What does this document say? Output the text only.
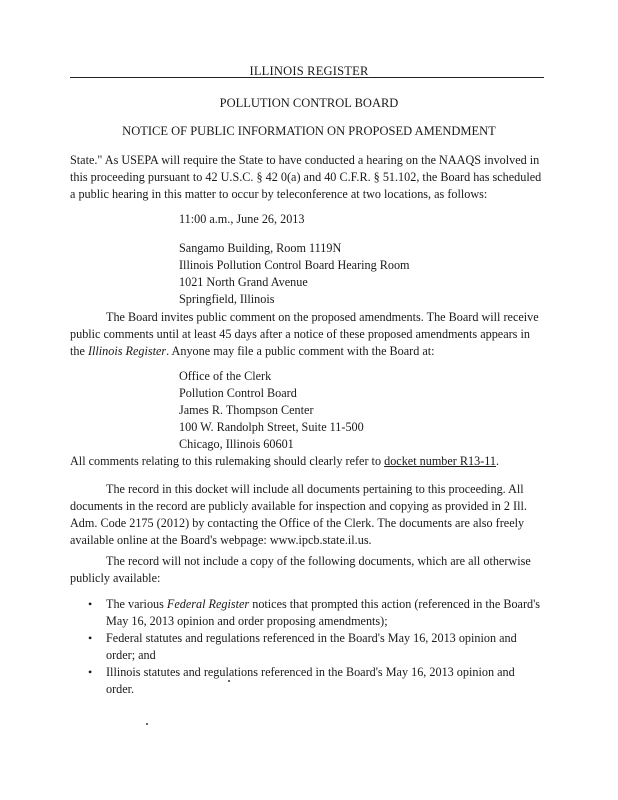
ILLINOIS REGISTER
POLLUTION CONTROL BOARD
NOTICE OF PUBLIC INFORMATION ON PROPOSED AMENDMENT
State." As USEPA will require the State to have conducted a hearing on the NAAQS involved in
this proceeding pursuant to 42 U.S.C. § 42 0(a) and 40 C.F.R. § 51.102, the Board has scheduled
a public hearing in this matter to occur by teleconference at two locations, as follows:
11:00 a.m., June 26, 2013
Sangamo Building, Room 1119N
Illinois Pollution Control Board Hearing Room
1021 North Grand Avenue
Springfield, Illinois
The Board invites public comment on the proposed amendments. The Board will receive
public comments until at least 45 days after a notice of these proposed amendments appears in
the Illinois Register. Anyone may file a public comment with the Board at:
Office of the Clerk
Pollution Control Board
James R. Thompson Center
100 W. Randolph Street, Suite 11-500
Chicago, Illinois 60601
All comments relating to this rulemaking should clearly refer to docket number R13-11.
The record in this docket will include all documents pertaining to this proceeding. All
documents in the record are publicly available for inspection and copying as provided in 2 Ill.
Adm. Code 2175 (2012) by contacting the Office of the Clerk. The documents are also freely
available online at the Board's webpage: www.ipcb.state.il.us.
The record will not include a copy of the following documents, which are all otherwise
publicly available:
• The various Federal Register notices that prompted this action (referenced in the Board's
May 16, 2013 opinion and order proposing amendments);
• Federal statutes and regulations referenced in the Board's May 16, 2013 opinion and
order; and
• Illinois statutes and regulations referenced in the Board's May 16, 2013 opinion and
order.
